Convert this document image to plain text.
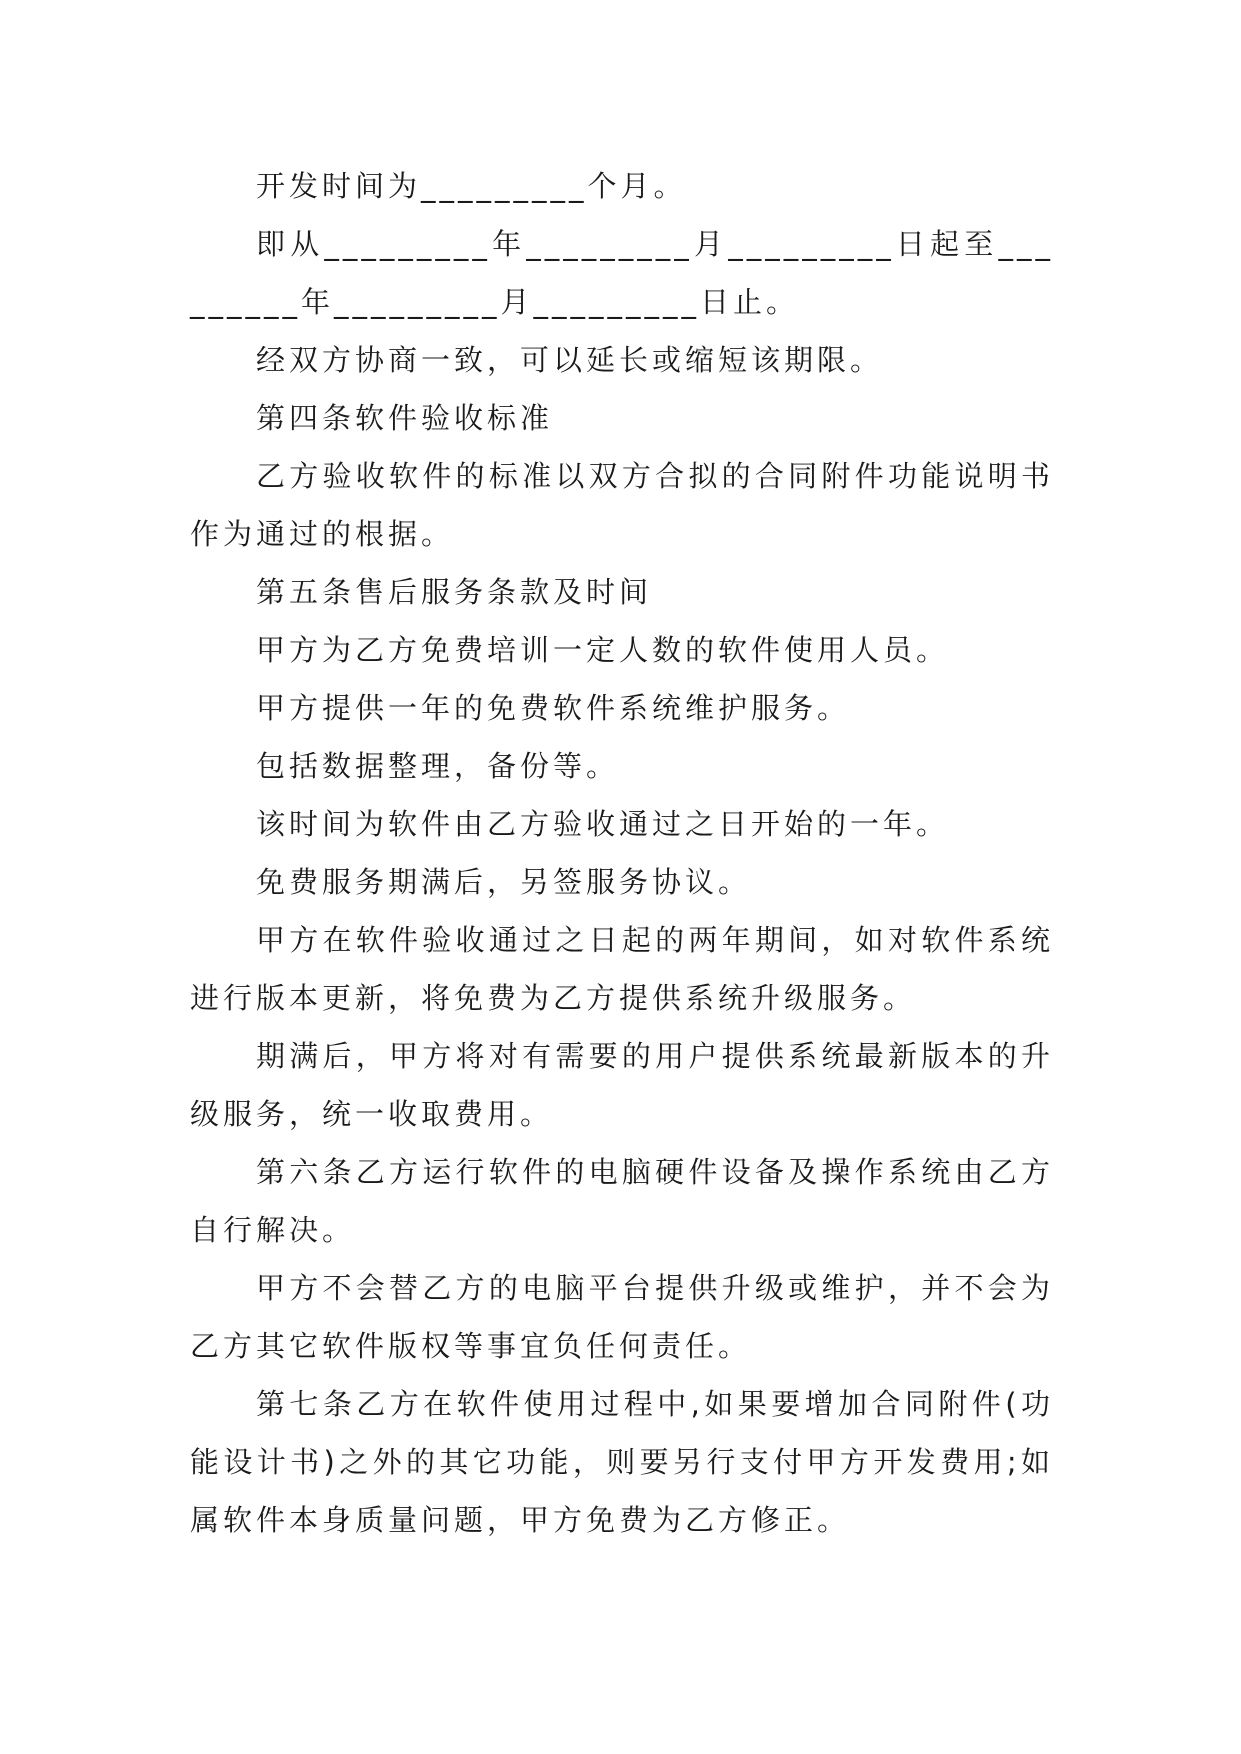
开发时间为_________个月。

即从_________年_________月_________日起至_________年_________月_________日止。

经双方协商一致，可以延长或缩短该期限。

第四条软件验收标准

乙方验收软件的标准以双方合拟的合同附件功能说明书作为通过的根据。

第五条售后服务条款及时间

甲方为乙方免费培训一定人数的软件使用人员。

甲方提供一年的免费软件系统维护服务。

包括数据整理，备份等。

该时间为软件由乙方验收通过之日开始的一年。

免费服务期满后，另签服务协议。

甲方在软件验收通过之日起的两年期间，如对软件系统进行版本更新，将免费为乙方提供系统升级服务。

期满后，甲方将对有需要的用户提供系统最新版本的升级服务，统一收取费用。

第六条乙方运行软件的电脑硬件设备及操作系统由乙方自行解决。

甲方不会替乙方的电脑平台提供升级或维护，并不会为乙方其它软件版权等事宜负任何责任。

第七条乙方在软件使用过程中,如果要增加合同附件(功能设计书)之外的其它功能，则要另行支付甲方开发费用;如属软件本身质量问题，甲方免费为乙方修正。
